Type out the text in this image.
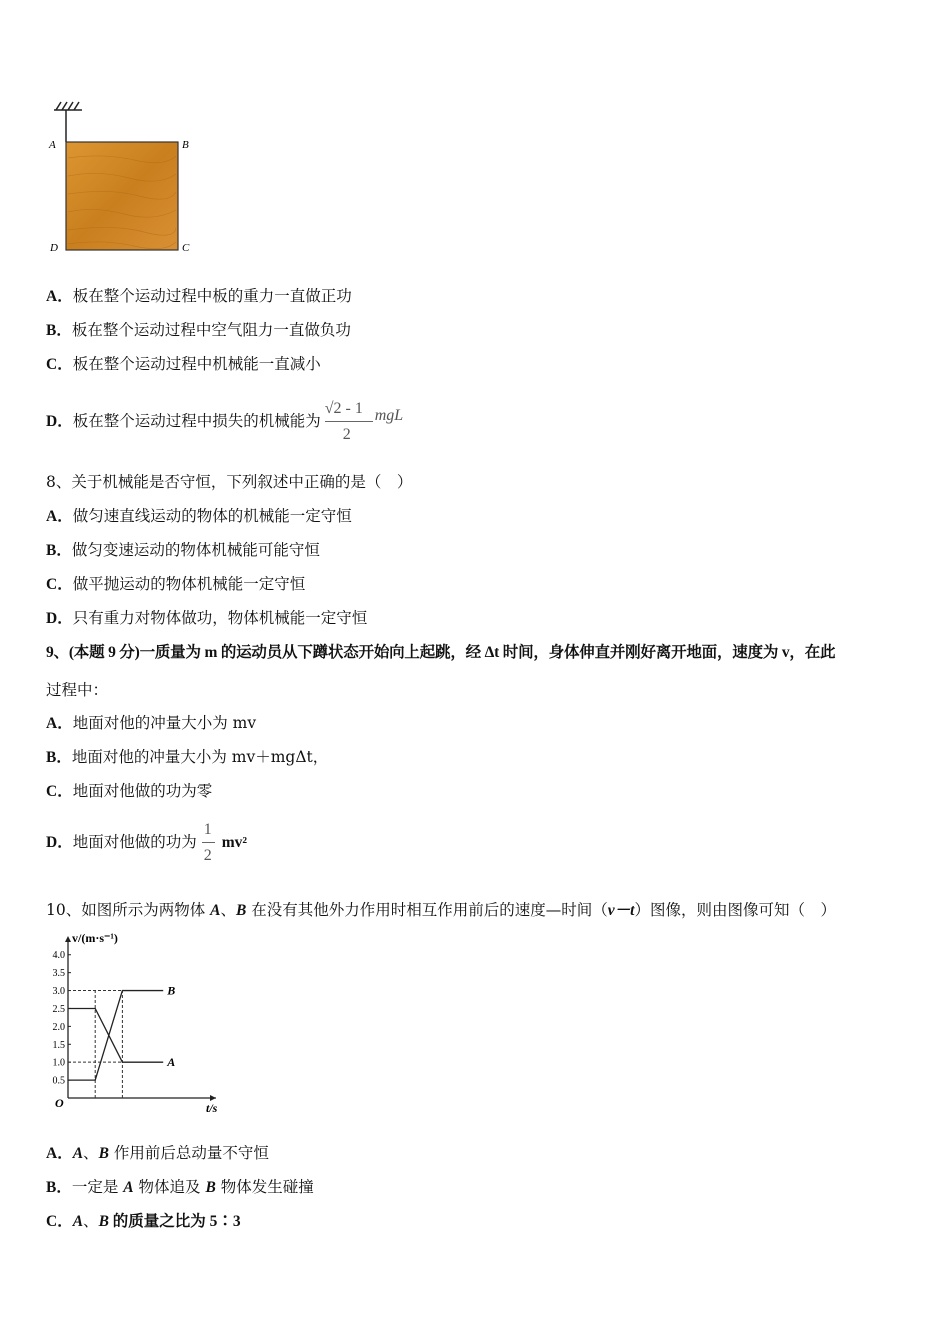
A	B
D	C
A．板在整个运动过程中板的重力一直做正功
B．板在整个运动过程中空气阻力一直做负功
C．板在整个运动过程中机械能一直减小
D．板在整个运动过程中损失的机械能为
√2 - 1
2
mgL
8、关于机械能是否守恒，下列叙述中正确的是（　）
A．做匀速直线运动的物体的机械能一定守恒
B．做匀变速运动的物体机械能可能守恒
C．做平抛运动的物体机械能一定守恒
D．只有重力对物体做功，物体机械能一定守恒
9、(本题 9 分)一质量为 m 的运动员从下蹲状态开始向上起跳，经 Δt 时间，身体伸直并刚好离开地面，速度为 v，在此
过程中：
A．地面对他的冲量大小为 mv
B．地面对他的冲量大小为 mv＋mgΔt，
C．地面对他做的功为零
D．地面对他做的功为
1
2
mv²
10、如图所示为两物体 A、B 在没有其他外力作用时相互作用前后的速度—时间（v－t）图像，则由图像可知（　）
v/(m·s⁻¹)
t/s
O
0.5
1.0
1.5
2.0
2.5
3.0
3.5
4.0
A
B
A．A、B 作用前后总动量不守恒
B．一定是 A 物体追及 B 物体发生碰撞
C．A、B 的质量之比为 5∶3
